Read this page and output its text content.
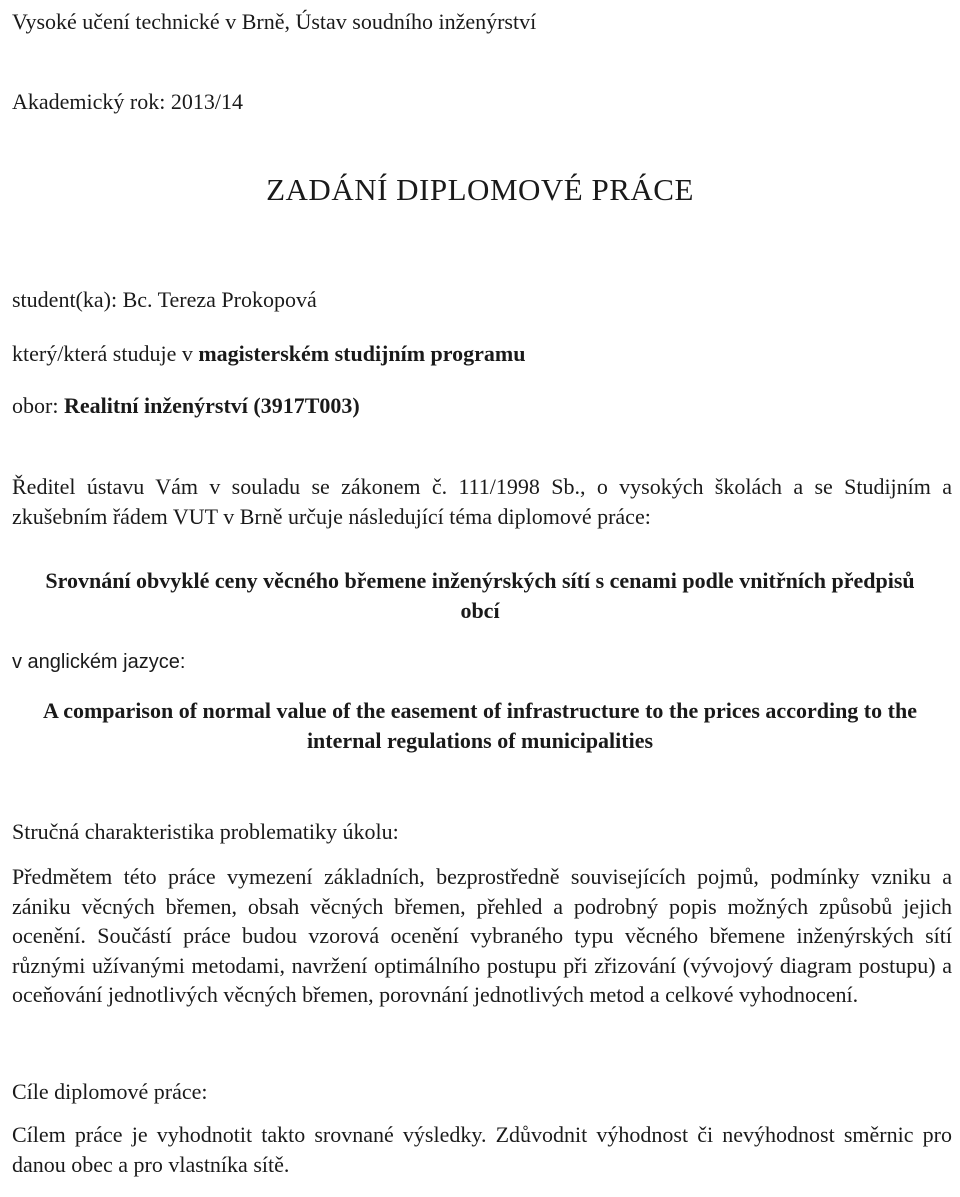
Vysoké učení technické v Brně, Ústav soudního inženýrství
Akademický rok: 2013/14
ZADÁNÍ DIPLOMOVÉ PRÁCE
student(ka): Bc. Tereza Prokopová
který/která studuje v magisterském studijním programu
obor: Realitní inženýrství (3917T003)
Ředitel ústavu Vám v souladu se zákonem č. 111/1998 Sb., o vysokých školách a se Studijním a zkušebním řádem VUT v Brně určuje následující téma diplomové práce:
Srovnání obvyklé ceny věcného břemene inženýrských sítí s cenami podle vnitřních předpisů obcí
v anglickém jazyce:
A comparison of normal value of the easement of infrastructure to the prices according to the internal regulations of municipalities
Stručná charakteristika problematiky úkolu:
Předmětem této práce vymezení základních, bezprostředně souvisejících pojmů, podmínky vzniku a zániku věcných břemen, obsah věcných břemen, přehled a podrobný popis možných způsobů jejich ocenění. Součástí práce budou vzorová ocenění vybraného typu věcného břemene inženýrských sítí různými užívanými metodami, navržení optimálního postupu při zřizování (vývojový diagram postupu) a oceňování jednotlivých věcných břemen, porovnání jednotlivých metod a celkové vyhodnocení.
Cíle diplomové práce:
Cílem práce je vyhodnotit takto srovnané výsledky. Zdůvodnit výhodnost či nevýhodnost směrnic pro danou obec a pro vlastníka sítě.
